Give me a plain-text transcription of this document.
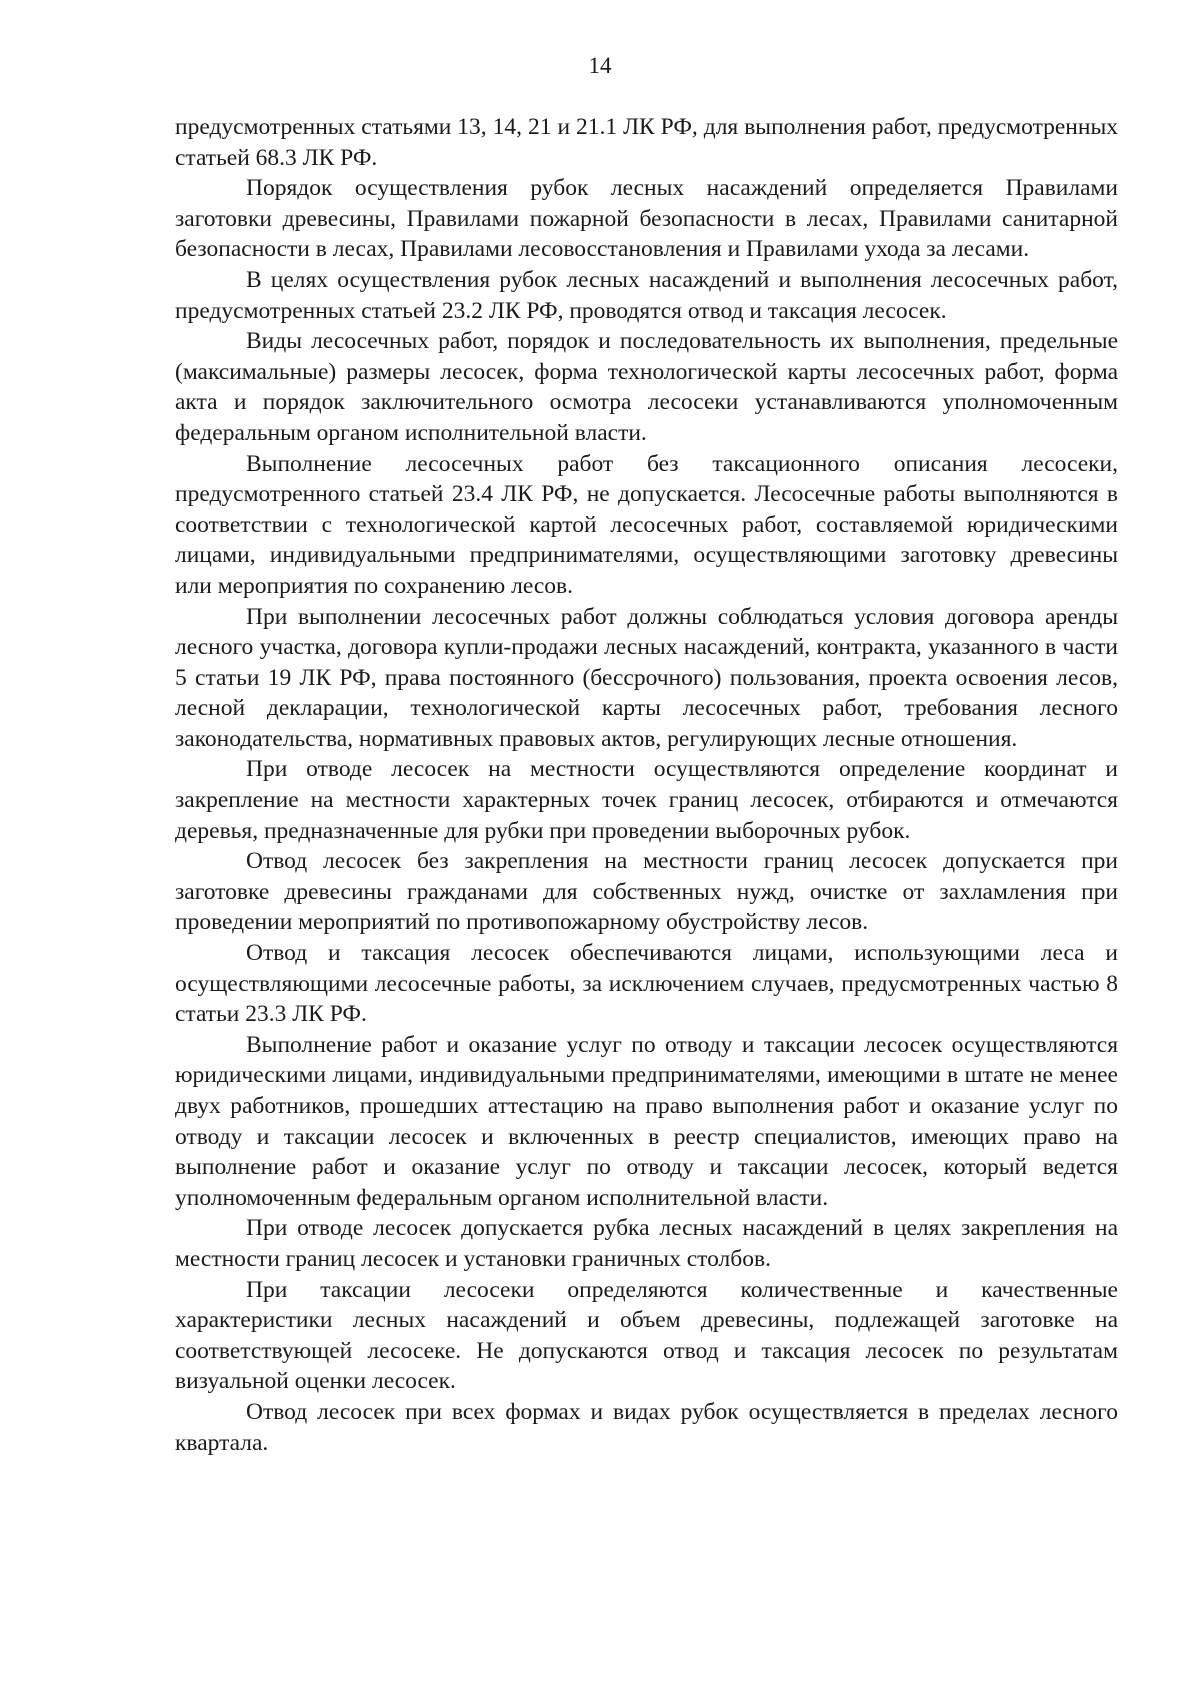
14

предусмотренных статьями 13, 14, 21 и 21.1 ЛК РФ, для выполнения работ, предусмотренных статьей 68.3 ЛК РФ.

Порядок осуществления рубок лесных насаждений определяется Правилами заготовки древесины, Правилами пожарной безопасности в лесах, Правилами санитарной безопасности в лесах, Правилами лесовосстановления и Правилами ухода за лесами.

В целях осуществления рубок лесных насаждений и выполнения лесосечных работ, предусмотренных статьей 23.2 ЛК РФ, проводятся отвод и таксация лесосек.

Виды лесосечных работ, порядок и последовательность их выполнения, предельные (максимальные) размеры лесосек, форма технологической карты лесосечных работ, форма акта и порядок заключительного осмотра лесосеки устанавливаются уполномоченным федеральным органом исполнительной власти.

Выполнение лесосечных работ без таксационного описания лесосеки, предусмотренного статьей 23.4 ЛК РФ, не допускается. Лесосечные работы выполняются в соответствии с технологической картой лесосечных работ, составляемой юридическими лицами, индивидуальными предпринимателями, осуществляющими заготовку древесины или мероприятия по сохранению лесов.

При выполнении лесосечных работ должны соблюдаться условия договора аренды лесного участка, договора купли-продажи лесных насаждений, контракта, указанного в части 5 статьи 19 ЛК РФ, права постоянного (бессрочного) пользования, проекта освоения лесов, лесной декларации, технологической карты лесосечных работ, требования лесного законодательства, нормативных правовых актов, регулирующих лесные отношения.

При отводе лесосек на местности осуществляются определение координат и закрепление на местности характерных точек границ лесосек, отбираются и отмечаются деревья, предназначенные для рубки при проведении выборочных рубок.

Отвод лесосек без закрепления на местности границ лесосек допускается при заготовке древесины гражданами для собственных нужд, очистке от захламления при проведении мероприятий по противопожарному обустройству лесов.

Отвод и таксация лесосек обеспечиваются лицами, использующими леса и осуществляющими лесосечные работы, за исключением случаев, предусмотренных частью 8 статьи 23.3 ЛК РФ.

Выполнение работ и оказание услуг по отводу и таксации лесосек осуществляются юридическими лицами, индивидуальными предпринимателями, имеющими в штате не менее двух работников, прошедших аттестацию на право выполнения работ и оказание услуг по отводу и таксации лесосек и включенных в реестр специалистов, имеющих право на выполнение работ и оказание услуг по отводу и таксации лесосек, который ведется уполномоченным федеральным органом исполнительной власти.

При отводе лесосек допускается рубка лесных насаждений в целях закрепления на местности границ лесосек и установки граничных столбов.

При таксации лесосеки определяются количественные и качественные характеристики лесных насаждений и объем древесины, подлежащей заготовке на соответствующей лесосеке. Не допускаются отвод и таксация лесосек по результатам визуальной оценки лесосек.

Отвод лесосек при всех формах и видах рубок осуществляется в пределах лесного квартала.
